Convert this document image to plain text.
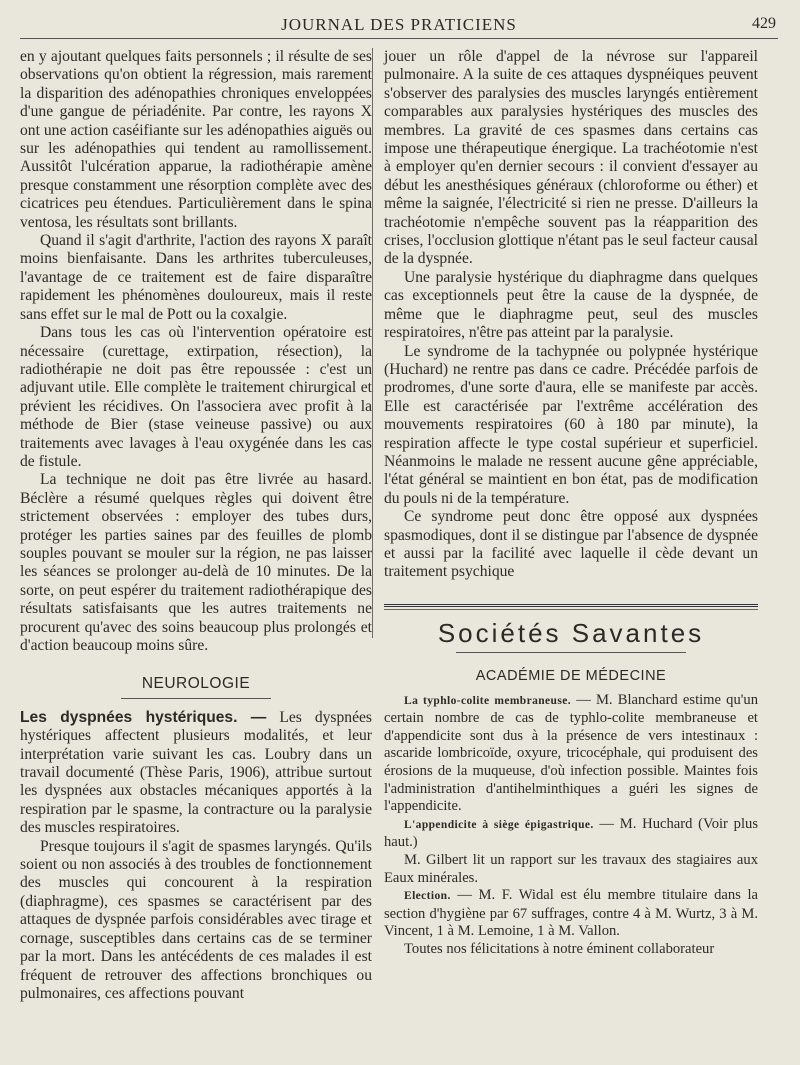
JOURNAL DES PRATICIENS	429

en y ajoutant quelques faits personnels ; il résulte de ses observations qu'on obtient la régression, mais rarement la disparition des adénopathies chroniques enveloppées d'une gangue de périadénite. Par contre, les rayons X ont une action caséifiante sur les adénopathies aiguës ou sur les adénopathies qui tendent au ramollissement. Aussitôt l'ulcération apparue, la radiothérapie amène presque constamment une résorption complète avec des cicatrices peu étendues. Particulièrement dans le spina ventosa, les résultats sont brillants.

Quand il s'agit d'arthrite, l'action des rayons X paraît moins bienfaisante. Dans les arthrites tuberculeuses, l'avantage de ce traitement est de faire disparaître rapidement les phénomènes douloureux, mais il reste sans effet sur le mal de Pott ou la coxalgie.

Dans tous les cas où l'intervention opératoire est nécessaire (curettage, extirpation, résection), la radiothérapie ne doit pas être repoussée : c'est un adjuvant utile. Elle complète le traitement chirurgical et prévient les récidives. On l'associera avec profit à la méthode de Bier (stase veineuse passive) ou aux traitements avec lavages à l'eau oxygénée dans les cas de fistule.

La technique ne doit pas être livrée au hasard. Béclère a résumé quelques règles qui doivent être strictement observées : employer des tubes durs, protéger les parties saines par des feuilles de plomb souples pouvant se mouler sur la région, ne pas laisser les séances se prolonger au-delà de 10 minutes. De la sorte, on peut espérer du traitement radiothérapique des résultats satisfaisants que les autres traitements ne procurent qu'avec des soins beaucoup plus prolongés et d'action beaucoup moins sûre.

NEUROLOGIE

Les dyspnées hystériques. — Les dyspnées hystériques affectent plusieurs modalités, et leur interprétation varie suivant les cas. Loubry dans un travail documenté (Thèse Paris, 1906), attribue surtout les dyspnées aux obstacles mécaniques apportés à la respiration par le spasme, la contracture ou la paralysie des muscles respiratoires.

Presque toujours il s'agit de spasmes laryngés. Qu'ils soient ou non associés à des troubles de fonctionnement des muscles qui concourent à la respiration (diaphragme), ces spasmes se caractérisent par des attaques de dyspnée parfois considérables avec tirage et cornage, susceptibles dans certains cas de se terminer par la mort. Dans les antécédents de ces malades il est fréquent de retrouver des affections bronchiques ou pulmonaires, ces affections pouvant

jouer un rôle d'appel de la névrose sur l'appareil pulmonaire. A la suite de ces attaques dyspnéiques peuvent s'observer des paralysies des muscles laryngés entièrement comparables aux paralysies hystériques des muscles des membres. La gravité de ces spasmes dans certains cas impose une thérapeutique énergique. La trachéotomie n'est à employer qu'en dernier secours : il convient d'essayer au début les anesthésiques généraux (chloroforme ou éther) et même la saignée, l'électricité si rien ne presse. D'ailleurs la trachéotomie n'empêche souvent pas la réapparition des crises, l'occlusion glottique n'étant pas le seul facteur causal de la dyspnée.

Une paralysie hystérique du diaphragme dans quelques cas exceptionnels peut être la cause de la dyspnée, de même que le diaphragme peut, seul des muscles respiratoires, n'être pas atteint par la paralysie.

Le syndrome de la tachypnée ou polypnée hystérique (Huchard) ne rentre pas dans ce cadre. Précédée parfois de prodromes, d'une sorte d'aura, elle se manifeste par accès. Elle est caractérisée par l'extrême accélération des mouvements respiratoires (60 à 180 par minute), la respiration affecte le type costal supérieur et superficiel. Néanmoins le malade ne ressent aucune gêne appréciable, l'état général se maintient en bon état, pas de modification du pouls ni de la température.

Ce syndrome peut donc être opposé aux dyspnées spasmodiques, dont il se distingue par l'absence de dyspnée et aussi par la facilité avec laquelle il cède devant un traitement psychique

Sociétés Savantes
ACADÉMIE DE MÉDECINE

La typhlo-colite membraneuse. — M. Blanchard estime qu'un certain nombre de cas de typhlo-colite membraneuse et d'appendicite sont dus à la présence de vers intestinaux : ascaride lombricoïde, oxyure, tricocéphale, qui produisent des érosions de la muqueuse, d'où infection possible. Maintes fois l'administration d'antihelminthiques a guéri les signes de l'appendicite.

L'appendicite à siège épigastrique. — M. Huchard (Voir plus haut.)

M. Gilbert lit un rapport sur les travaux des stagiaires aux Eaux minérales.

Election. — M. F. Widal est élu membre titulaire dans la section d'hygiène par 67 suffrages, contre 4 à M. Wurtz, 3 à M. Vincent, 1 à M. Lemoine, 1 à M. Vallon.

Toutes nos félicitations à notre éminent collaborateur
